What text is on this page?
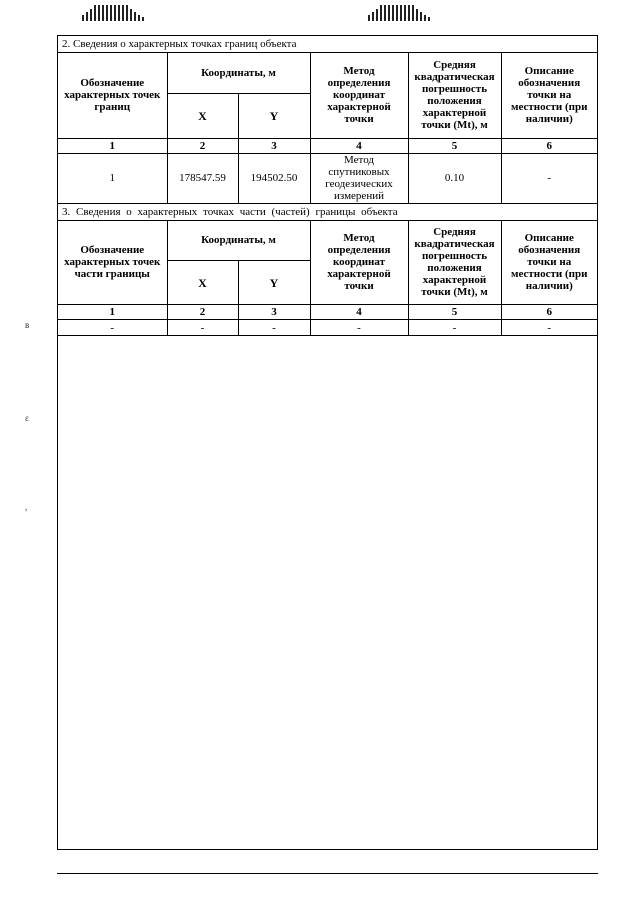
в
ε
,
2. Сведения о характерных точках границ объекта
Обозначение характерных точек границ	Координаты, м		Метод определения координат характерной точки	Средняя квадратическая погрешность положения характерной точки (Mt), м	Описание обозначения точки на местности (при наличии)
	X	Y			
1	2	3	4	5	6
1	178547.59	194502.50	Метод спутниковых геодезических измерений	0.10	-
3. Сведения о характерных точках части (частей) границы объекта
Обозначение характерных точек части границы	Координаты, м		Метод определения координат характерной точки	Средняя квадратическая погрешность положения характерной точки (Mt), м	Описание обозначения точки на местности (при наличии)
	X	Y			
1	2	3	4	5	6
-	-	-	-	-	-
